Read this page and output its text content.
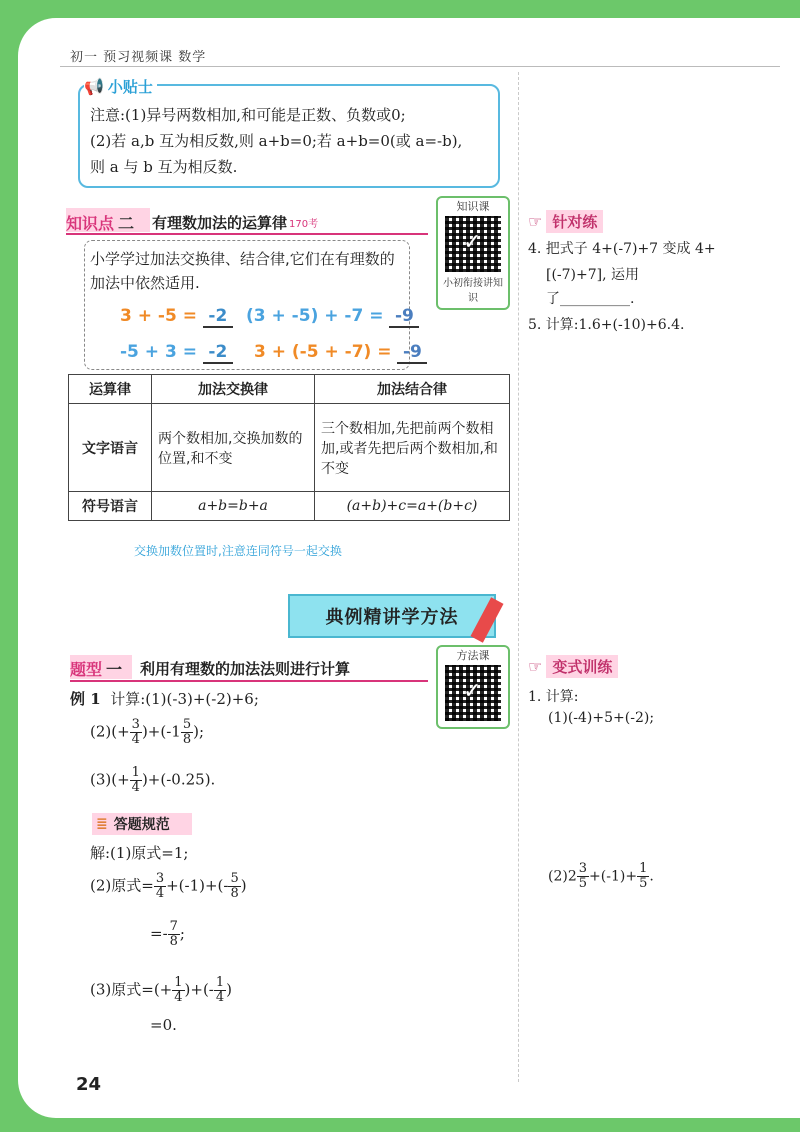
初一 预习视频课 数学
📢 小贴士
注意:(1)异号两数相加,和可能是正数、负数或0;
(2)若 a,b 互为相反数,则 a+b=0;若 a+b=0(或 a=-b),
则 a 与 b 互为相反数.
知识点 二 有理数加法的运算律 170考
知识课
✓
小初衔接讲知识
小学学过加法交换律、结合律,它们在有理数的
加法中依然适用.
3 + -5 = -2	(3 + -5) + -7 = -9
-5 + 3 = -2	3 + (-5 + -7) = -9
运算律	加法交换律	加法结合律
文字语言	两个数相加,交换加数的位置,和不变	三个数相加,先把前两个数相加,或者先把后两个数相加,和不变
符号语言	a+b=b+a	(a+b)+c=a+(b+c)
交换加数位置时,注意连同符号一起交换
☞ 针对练
4. 把式子 4+(-7)+7 变成 4+
[(-7)+7], 运用
了__________.
5. 计算:1.6+(-10)+6.4.
典例精讲学方法
题型 一 利用有理数的加法法则进行计算
方法课
✓
例 1 计算:(1)(-3)+(-2)+6;
$(2)(+ \frac{3}{4} )+(-1 \frac{5}{8}$ );
$(3)(+ \frac{1}{4} )+(-0.25)$.
≣ 答题规范
解:(1)原式=1;
(2)原式= $\frac{3}{4} +(-1)+(- \frac{5}{8}$ )
=- $\frac{7}{8}$ ;
(3)原式=(+ $\frac{1}{4}$ )+(- $\frac{1}{4}$ )
=0.
☞ 变式训练
1. 计算:
(1)(-4)+5+(-2);
$(2)2 \frac{3}{5} +(-1)+ \frac{1}{5}$ .
24
